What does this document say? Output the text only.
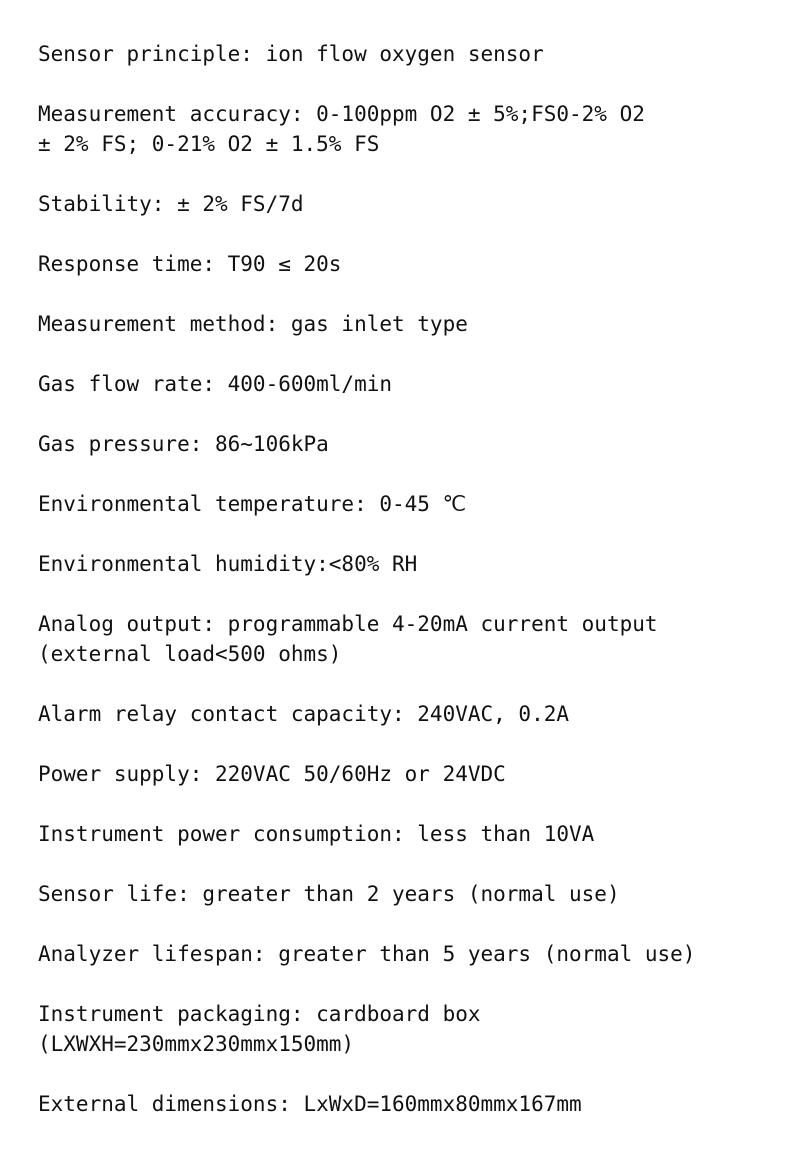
Sensor principle: ion flow oxygen sensor

Measurement accuracy: 0-100ppm O2 ± 5%;FS0-2% O2
± 2% FS; 0-21% O2 ± 1.5% FS

Stability: ± 2% FS/7d

Response time: T90 ≤ 20s

Measurement method: gas inlet type

Gas flow rate: 400-600ml/min

Gas pressure: 86~106kPa

Environmental temperature: 0-45 ℃

Environmental humidity:<80% RH

Analog output: programmable 4-20mA current output
(external load<500 ohms)

Alarm relay contact capacity: 240VAC, 0.2A

Power supply: 220VAC 50/60Hz or 24VDC

Instrument power consumption: less than 10VA

Sensor life: greater than 2 years (normal use)

Analyzer lifespan: greater than 5 years (normal use)

Instrument packaging: cardboard box
(LXWXH=230mmx230mmx150mm)

External dimensions: LxWxD=160mmx80mmx167mm
